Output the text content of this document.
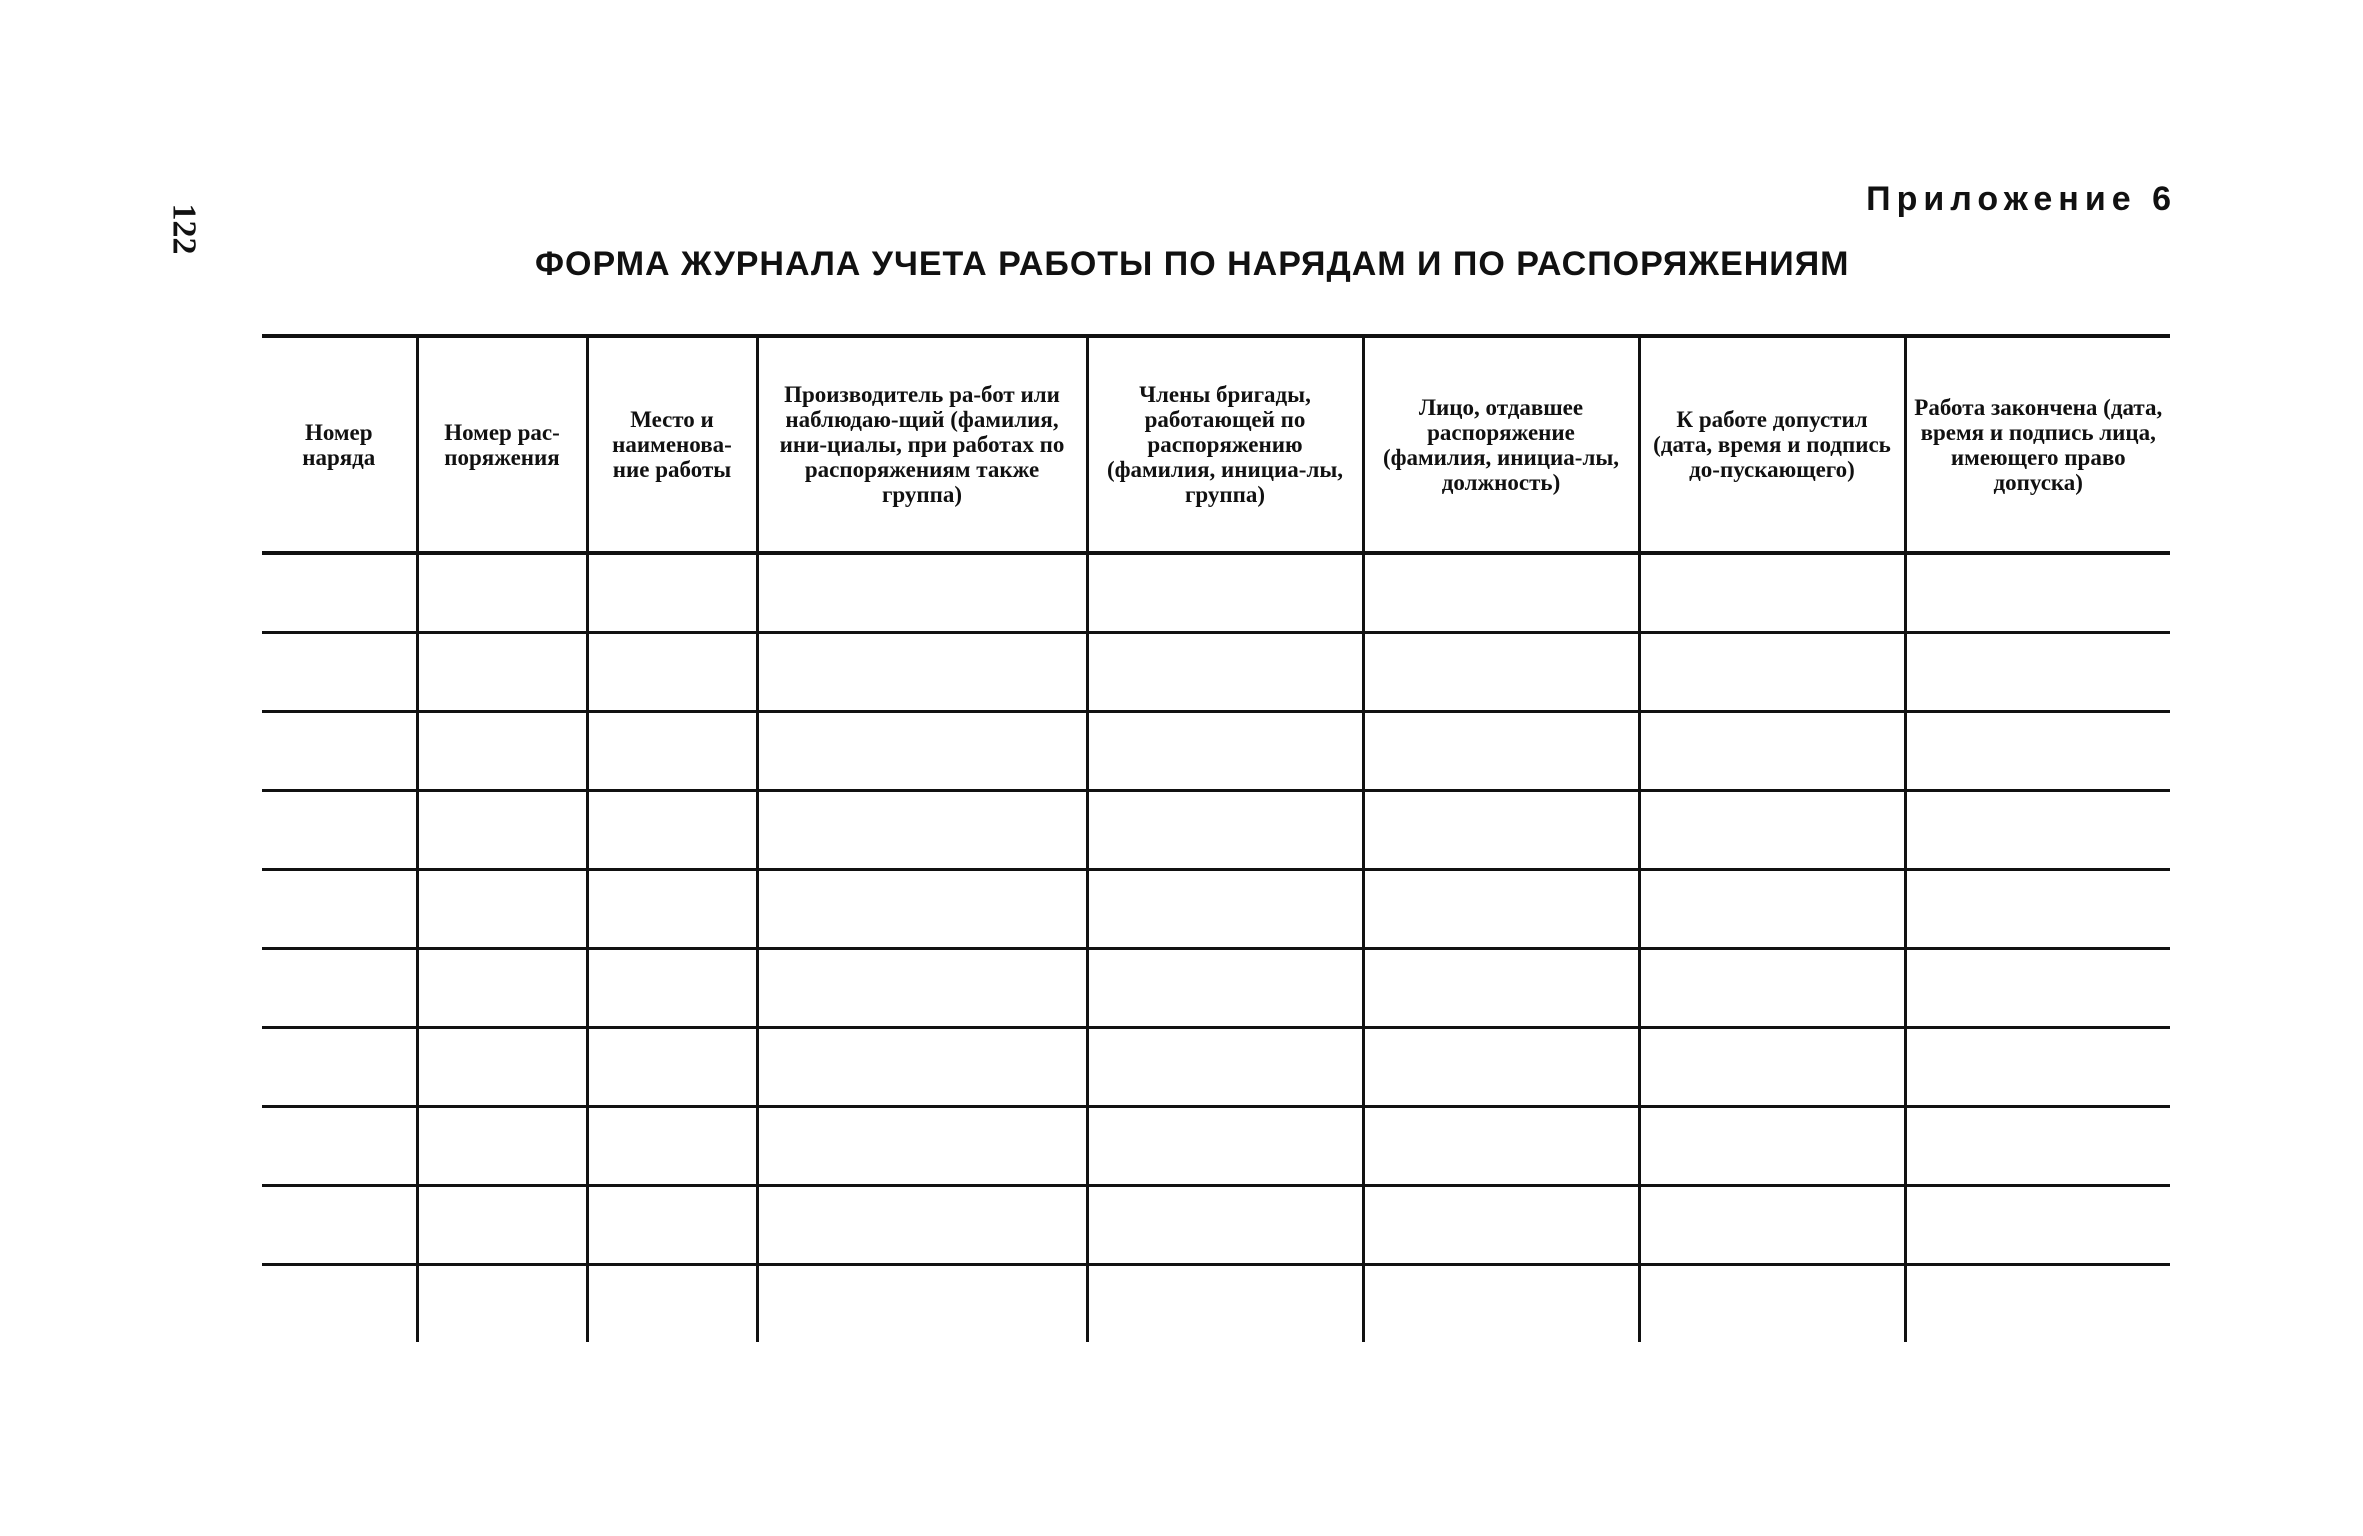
122
Приложение 6
ФОРМА ЖУРНАЛА УЧЕТА РАБОТЫ ПО НАРЯДАМ И ПО РАСПОРЯЖЕНИЯМ
Номер наряда	Номер рас-поряжения	Место и наименова-ние работы	Производитель ра-бот или наблюдаю-щий (фамилия, ини-циалы, при работах по распоряжениям также группа)	Члены бригады, работающей по распоряжению (фамилия, инициа-лы, группа)	Лицо, отдавшее распоряжение (фамилия, инициа-лы, должность)	К работе допустил (дата, время и подпись до-пускающего)	Работа закончена (дата, время и подпись лица, имеющего право допуска)
